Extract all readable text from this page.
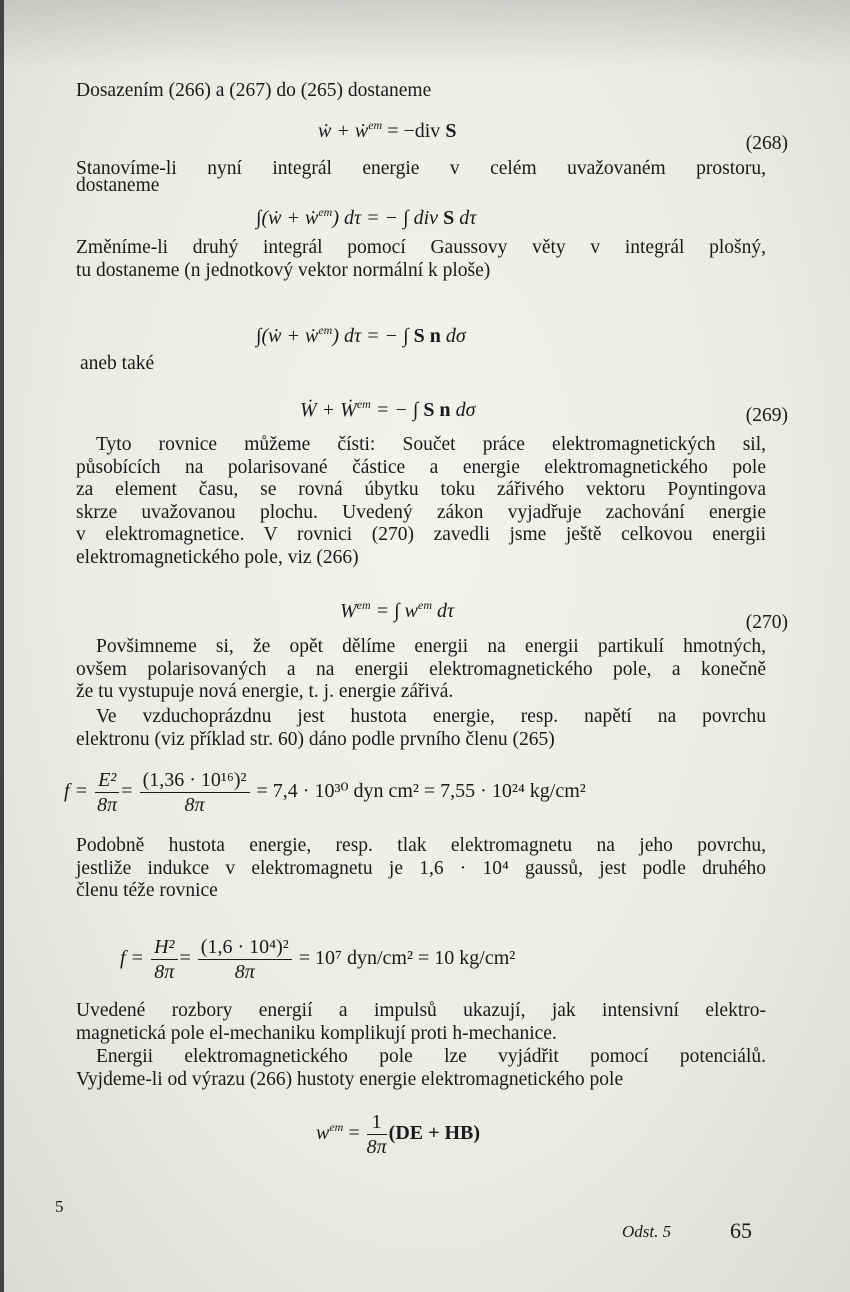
Dosazením (266) a (267) do (265) dostaneme
ẇ + ẇ$^{em}$ = −div S
(268)
Stanovíme-li nyní integrál energie v celém uvažovaném prostoru,
dostaneme
∫(ẇ + ẇ$^{em}$) dτ = − ∫ div S dτ
Změníme-li druhý integrál pomocí Gaussovy věty v integrál plošný,
tu dostaneme (n jednotkový vektor normální k ploše)
∫(ẇ + ẇ$^{em}$) dτ = − ∫ S n dσ
aneb také
Ẇ + Ẇ$^{em}$ = − ∫ S n dσ	(269)
Tyto rovnice můžeme čísti: Součet práce elektromagnetických sil,
působících na polarisované částice a energie elektromagnetického pole
za element času, se rovná úbytku toku zářivého vektoru Poyntingova
skrze uvažovanou plochu. Uvedený zákon vyjadřuje zachování energie
v elektromagnetice. V rovnici (270) zavedli jsme ještě celkovou energii
elektromagnetického pole, viz (266)
$W^{em}$ = ∫ $w^{em}$ dτ
(270)
Povšimneme si, že opět dělíme energii na energii partikulí hmotných,
ovšem polarisovaných a na energii elektromagnetického pole, a konečně
že tu vystupuje nová energie, t. j. energie zářivá.
Ve vzduchoprázdnu jest hustota energie, resp. napětí na povrchu
elektronu (viz příklad str. 60) dáno podle prvního členu (265)
$f = \frac{\text{E²}}{8\pi} = \frac{\text{(1,36 · 10¹⁶)²}}{8\pi} = 7,4 \cdot 10^{30}$ dyn cm² = 7,55 · 10²⁴ kg/cm²
Podobně hustota energie, resp. tlak elektromagnetu na jeho povrchu,
jestliže indukce v elektromagnetu je 1,6 · 10⁴ gaussů, jest podle druhého
členu téže rovnice
$f = \frac{\text{H²}}{8\pi} = \frac{\text{(1,6 · 10⁴)²}}{8\pi} = 10^7$ dyn/cm² = 10 kg/cm²
Uvedené rozbory energií a impulsů ukazují, jak intensivní elektro-
magnetická pole el-mechaniku komplikují proti h-mechanice.
Energii elektromagnetického pole lze vyjádřit pomocí potenciálů.
Vyjdeme-li od výrazu (266) hustoty energie elektromagnetického pole
$w^{em} = \frac{1}{8\pi} (DE + HB)$
5
Odst. 5	65
